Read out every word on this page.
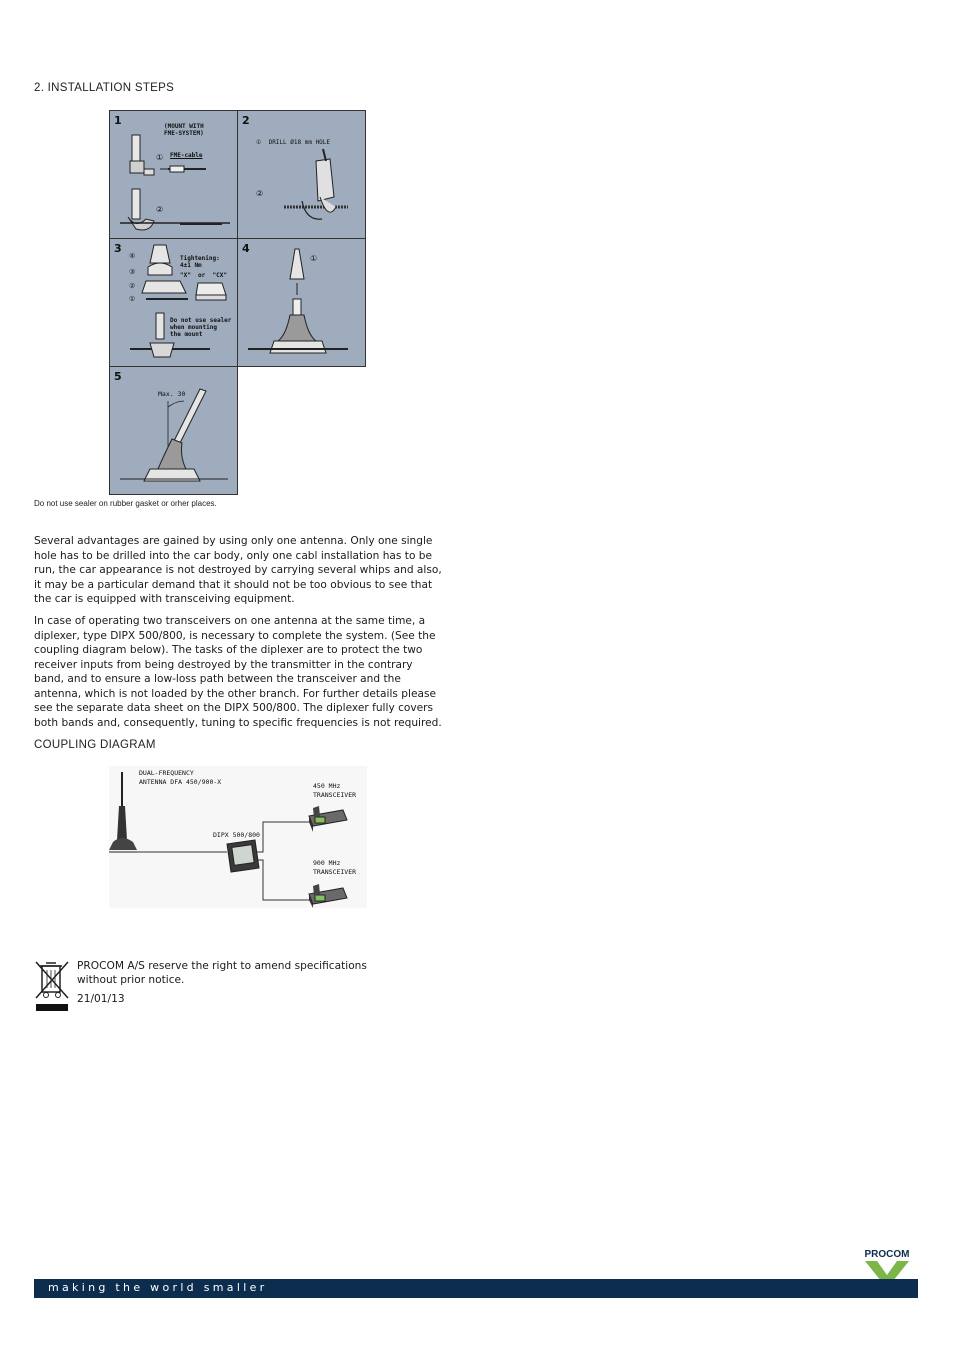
2. INSTALLATION STEPS
1	(MOUNT WITH
FME-SYSTEM)
FME-cable
①
②
2
①  DRILL Ø18 mm HOLE
②
3
④
③
②
①
Tightening:
4±1 Nm
"X"  or  "CX"
Do not use sealer
when mounting
the mount
4
①
5
Max. 30
Do not use sealer on rubber gasket or orher places.
Several advantages are gained by using only one antenna. Only one single hole has to be drilled into the car body, only one cabl installation has to be run, the car appearance is not destroyed by carrying several whips and also, it may be a particular demand that it should not be too obvious to see that the car is equipped with transceiving equipment.
In case of operating two transceivers on one antenna at the same time, a diplexer, type DIPX 500/800, is necessary to complete the system. (See the coupling diagram below). The tasks of the diplexer are to protect the two receiver inputs from being destroyed by the transmitter in the contrary band, and to ensure a low-loss path between the transceiver and the antenna, which is not loaded by the other branch. For further details please see the separate data sheet on the DIPX 500/800. The diplexer fully covers both bands and, consequently, tuning to specific frequencies is not required.
COUPLING DIAGRAM
DUAL-FREQUENCY
ANTENNA DFA 450/900-X
DIPX 500/800
450 MHz
TRANSCEIVER
900 MHz
TRANSCEIVER
PROCOM A/S reserve the right to amend specifications
without prior notice.
21/01/13
PROCOM
making the world smaller
